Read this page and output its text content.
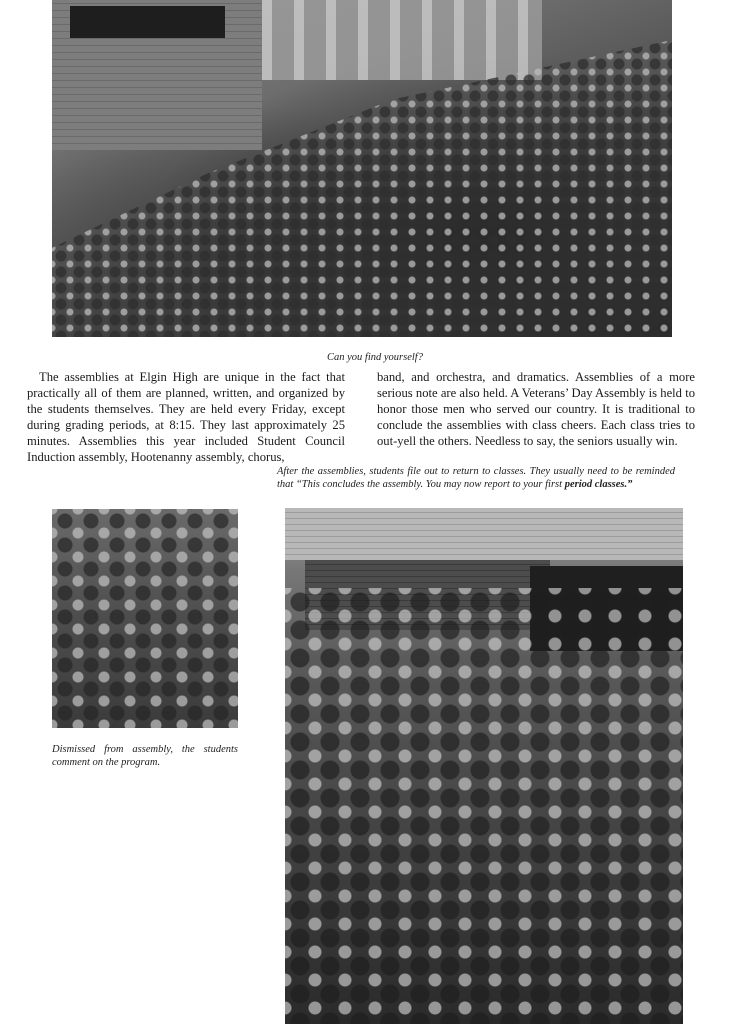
Can you find yourself?

The assemblies at Elgin High are unique in the fact that practically all of them are planned, written, and organized by the students themselves. They are held every Friday, except during grading periods, at 8:15. They last approximately 25 minutes. Assemblies this year included Student Council Induction assembly, Hootenanny assembly, chorus,

band, and orchestra, and dramatics. Assemblies of a more serious note are also held. A Veterans’ Day Assembly is held to honor those men who served our country. It is traditional to conclude the assemblies with class cheers. Each class tries to out-yell the others. Needless to say, the seniors usually win.

After the assemblies, students file out to return to classes. They usually need to be reminded that “This concludes the assembly. You may now report to your first period classes.”

Dismissed from assembly, the students comment on the program.
